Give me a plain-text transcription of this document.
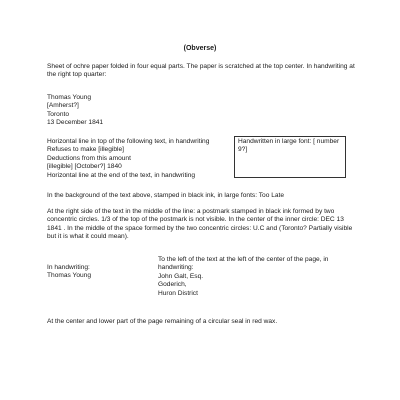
(Obverse)
Sheet of ochre paper folded in four equal parts. The paper is scratched at the top center. In handwriting at
the right top quarter:
Thomas Young
[Amherst?]
Toronto
13 December 1841
Horizontal line in top of the following text, in handwriting
Refuses to make [illegible]
Deductions from this amount
[illegible] [October?] 1840
Horizontal line at the end of the text, in handwriting
Handwritten in large font: [ number
9?]
In the background of the text above, stamped in black ink, in large fonts: Too Late
At the right side of the text in the middle of the line: a postmark stamped in black ink formed by two
concentric circles. 1/3 of the top of the postmark is not visible. In the center of the inner circle: DEC 13
1841 . In the middle of the space formed by the two concentric circles: U.C and (Toronto? Partially visible
but it is what it could mean).
In handwriting:
Thomas Young
To the left of the text at the left of the center of the page, in
handwriting:
John Galt, Esq.
Goderich,
Huron District
At the center and lower part of the page remaining of a circular seal in red wax.
